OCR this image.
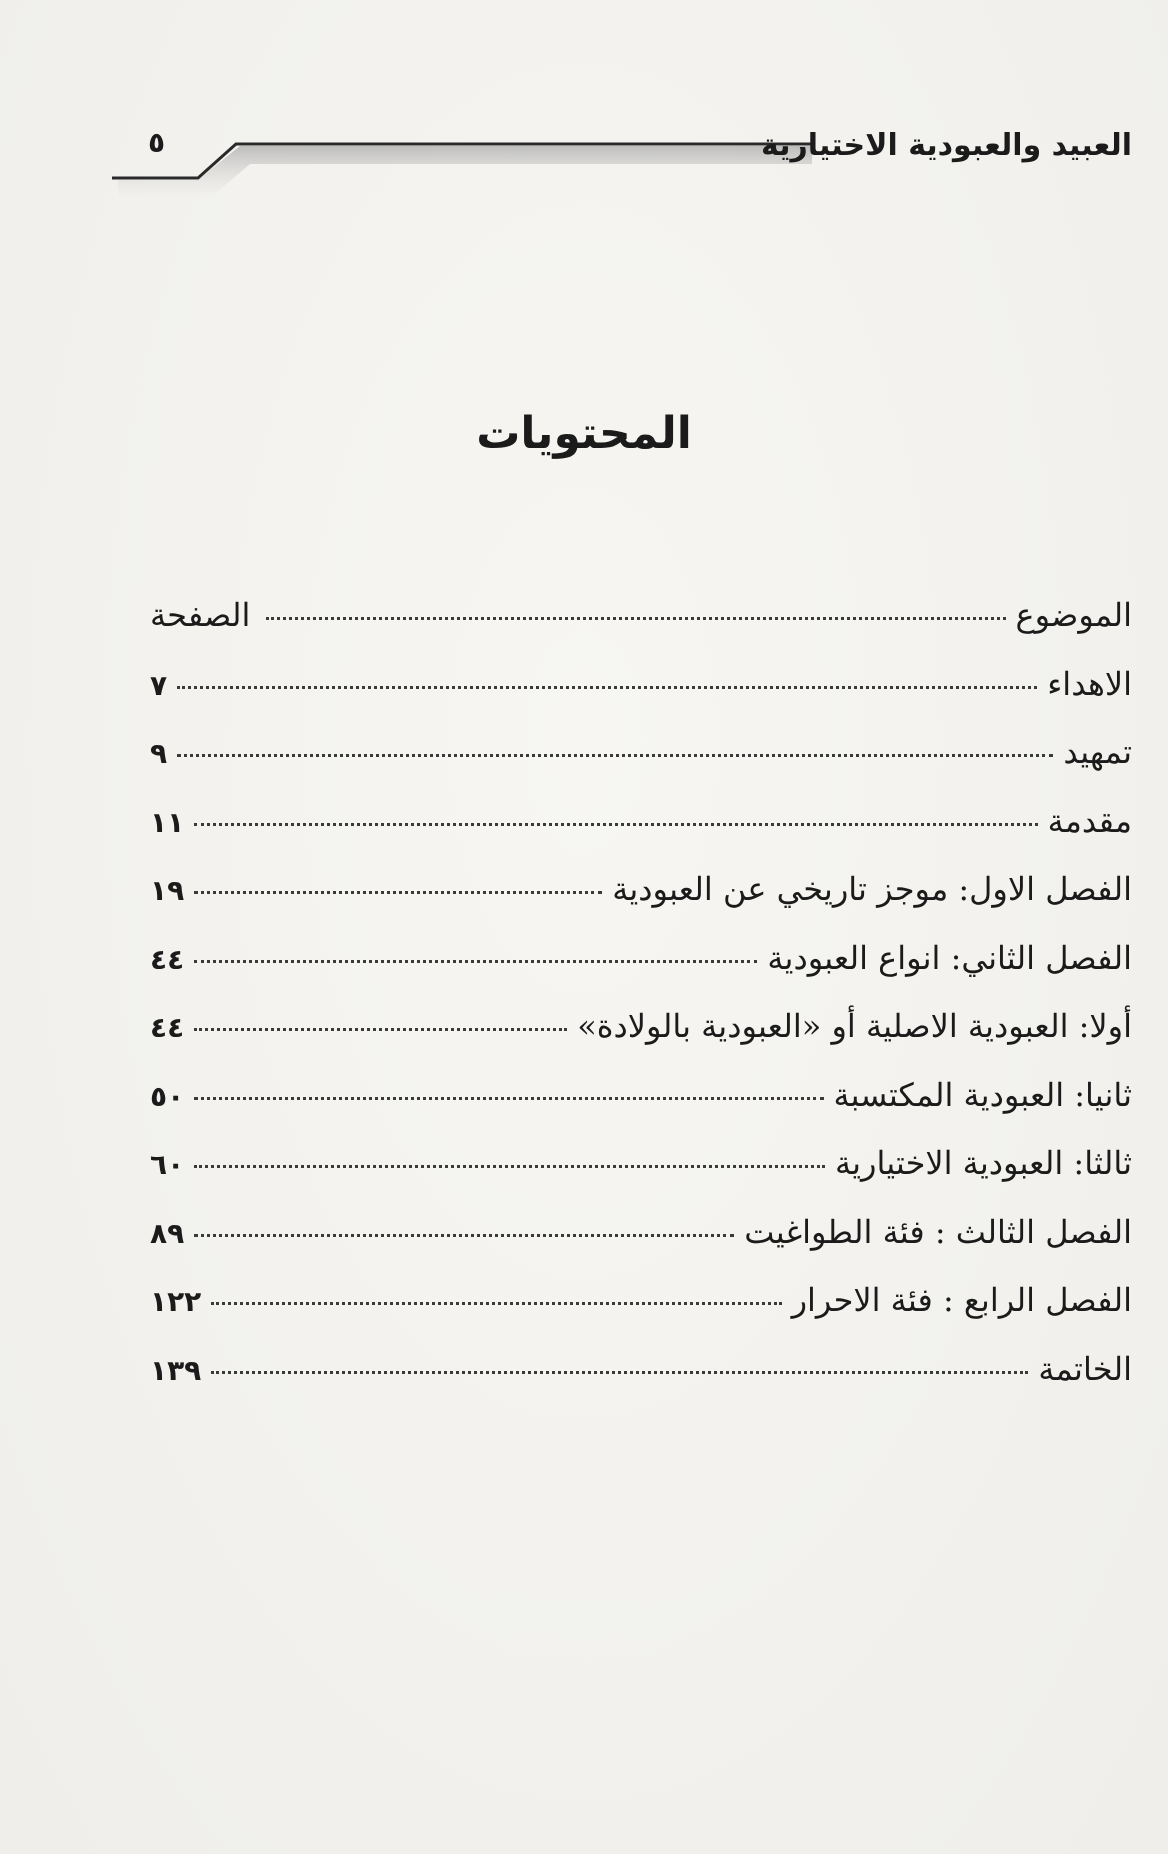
العبيد والعبودية الاختيارية
٥
المحتويات
الموضوع
الصفحة
الاهداء
٧
تمهيد
٩
مقدمة
١١
الفصل الاول: موجز تاريخي عن العبودية
١٩
الفصل الثاني: انواع العبودية
٤٤
أولا: العبودية الاصلية أو «العبودية بالولادة»
٤٤
ثانيا: العبودية المكتسبة
٥٠
ثالثا: العبودية الاختيارية
٦٠
الفصل الثالث : فئة الطواغيت
٨٩
الفصل الرابع : فئة الاحرار
١٢٢
الخاتمة
١٣٩
